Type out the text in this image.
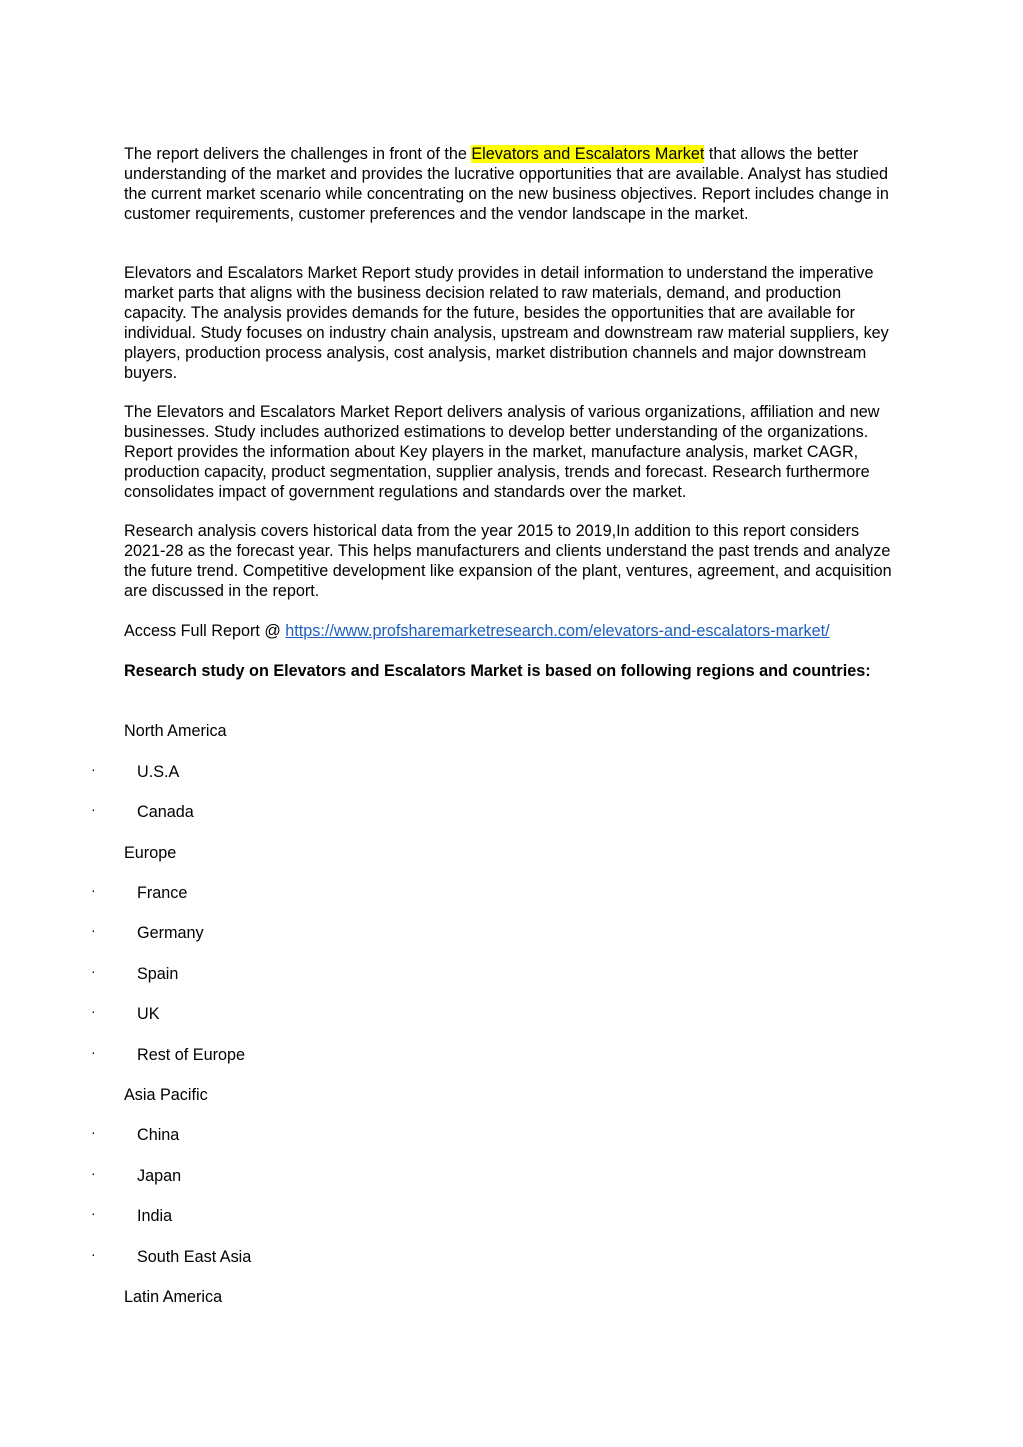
The report delivers the challenges in front of the Elevators and Escalators Market that allows the better understanding of the market and provides the lucrative opportunities that are available. Analyst has studied the current market scenario while concentrating on the new business objectives. Report includes change in customer requirements, customer preferences and the vendor landscape in the market.

Elevators and Escalators Market Report study provides in detail information to understand the imperative market parts that aligns with the business decision related to raw materials, demand, and production capacity. The analysis provides demands for the future, besides the opportunities that are available for individual. Study focuses on industry chain analysis, upstream and downstream raw material suppliers, key players, production process analysis, cost analysis, market distribution channels and major downstream buyers.

The Elevators and Escalators Market Report delivers analysis of various organizations, affiliation and new businesses. Study includes authorized estimations to develop better understanding of the organizations. Report provides the information about Key players in the market, manufacture analysis, market CAGR, production capacity, product segmentation, supplier analysis, trends and forecast. Research furthermore consolidates impact of government regulations and standards over the market.

Research analysis covers historical data from the year 2015 to 2019,In addition to this report considers 2021-28 as the forecast year. This helps manufacturers and clients understand the past trends and analyze the future trend. Competitive development like expansion of the plant, ventures, agreement, and acquisition are discussed in the report.

Access Full Report @ https://www.profsharemarketresearch.com/elevators-and-escalators-market/

Research study on Elevators and Escalators Market is based on following regions and countries:

North America
·	U.S.A
·	Canada
Europe
·	France
·	Germany
·	Spain
·	UK
·	Rest of Europe
Asia Pacific
·	China
·	Japan
·	India
·	South East Asia
Latin America
